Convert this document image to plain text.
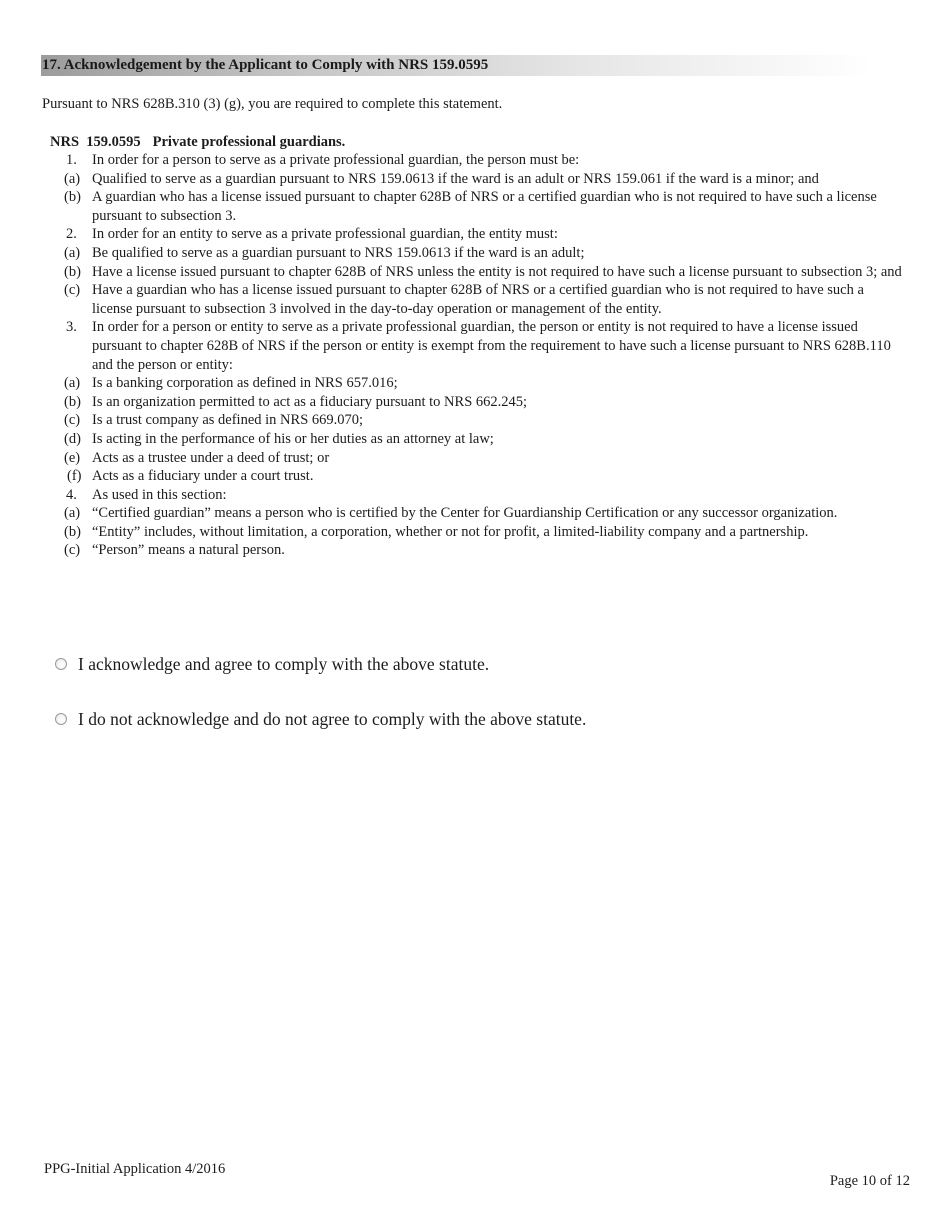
17. Acknowledgement by the Applicant to Comply with NRS 159.0595
Pursuant to NRS 628B.310 (3) (g), you are required to complete this statement.
NRS  159.0595 Private professional guardians.
1. In order for a person to serve as a private professional guardian, the person must be:
(a) Qualified to serve as a guardian pursuant to NRS 159.0613 if the ward is an adult or NRS 159.061 if the ward is a minor; and
(b) A guardian who has a license issued pursuant to chapter 628B of NRS or a certified guardian who is not required to have such a license pursuant to subsection 3.
2. In order for an entity to serve as a private professional guardian, the entity must:
(a) Be qualified to serve as a guardian pursuant to NRS 159.0613 if the ward is an adult;
(b) Have a license issued pursuant to chapter 628B of NRS unless the entity is not required to have such a license pursuant to subsection 3; and
(c) Have a guardian who has a license issued pursuant to chapter 628B of NRS or a certified guardian who is not required to have such a license pursuant to subsection 3 involved in the day-to-day operation or management of the entity.
3. In order for a person or entity to serve as a private professional guardian, the person or entity is not required to have a license issued pursuant to chapter 628B of NRS if the person or entity is exempt from the requirement to have such a license pursuant to NRS 628B.110 and the person or entity:
(a) Is a banking corporation as defined in NRS 657.016;
(b) Is an organization permitted to act as a fiduciary pursuant to NRS 662.245;
(c) Is a trust company as defined in NRS 669.070;
(d) Is acting in the performance of his or her duties as an attorney at law;
(e) Acts as a trustee under a deed of trust; or
(f) Acts as a fiduciary under a court trust.
4. As used in this section:
(a) “Certified guardian” means a person who is certified by the Center for Guardianship Certification or any successor organization.
(b) “Entity” includes, without limitation, a corporation, whether or not for profit, a limited-liability company and a partnership.
(c) “Person” means a natural person.
I acknowledge and agree to comply with the above statute.
I do not acknowledge and do not agree to comply with the above statute.
PPG-Initial Application 4/2016
Page 10 of 12
